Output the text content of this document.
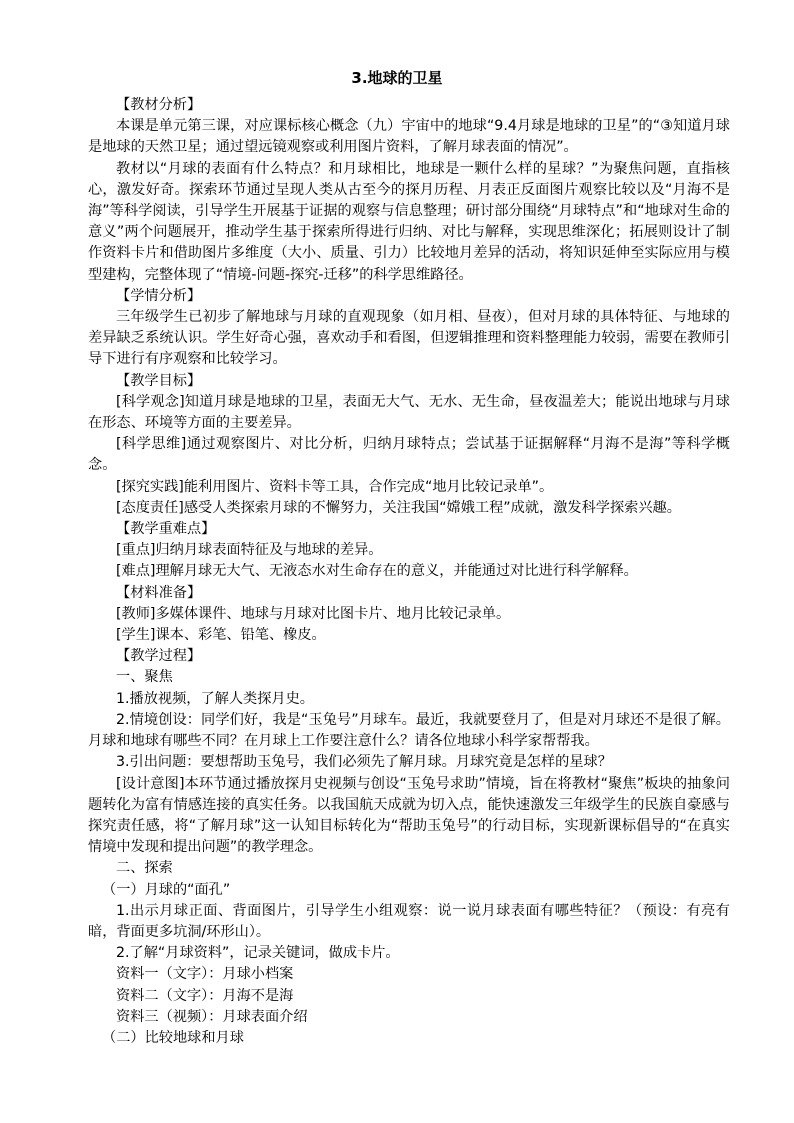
3.地球的卫星

【教材分析】

本课是单元第三课，对应课标核心概念（九）宇宙中的地球“9.4月球是地球的卫星”的“③知道月球是地球的天然卫星；通过望远镜观察或利用图片资料，了解月球表面的情况”。

教材以“月球的表面有什么特点？和月球相比，地球是一颗什么样的星球？”为聚焦问题，直指核心，激发好奇。探索环节通过呈现人类从古至今的探月历程、月表正反面图片观察比较以及“月海不是海”等科学阅读，引导学生开展基于证据的观察与信息整理；研讨部分围绕“月球特点”和“地球对生命的意义”两个问题展开，推动学生基于探索所得进行归纳、对比与解释，实现思维深化；拓展则设计了制作资料卡片和借助图片多维度（大小、质量、引力）比较地月差异的活动，将知识延伸至实际应用与模型建构，完整体现了“情境-问题-探究-迁移”的科学思维路径。

【学情分析】

三年级学生已初步了解地球与月球的直观现象（如月相、昼夜），但对月球的具体特征、与地球的差异缺乏系统认识。学生好奇心强，喜欢动手和看图，但逻辑推理和资料整理能力较弱，需要在教师引导下进行有序观察和比较学习。

【教学目标】

[科学观念]知道月球是地球的卫星，表面无大气、无水、无生命，昼夜温差大；能说出地球与月球在形态、环境等方面的主要差异。

[科学思维]通过观察图片、对比分析，归纳月球特点；尝试基于证据解释“月海不是海”等科学概念。

[探究实践]能利用图片、资料卡等工具，合作完成“地月比较记录单”。

[态度责任]感受人类探索月球的不懈努力，关注我国“嫦娥工程”成就，激发科学探索兴趣。

【教学重难点】

[重点]归纳月球表面特征及与地球的差异。

[难点]理解月球无大气、无液态水对生命存在的意义，并能通过对比进行科学解释。

【材料准备】

[教师]多媒体课件、地球与月球对比图卡片、地月比较记录单。

[学生]课本、彩笔、铅笔、橡皮。

【教学过程】

一、聚焦

1.播放视频，了解人类探月史。

2.情境创设：同学们好，我是“玉兔号”月球车。最近，我就要登月了，但是对月球还不是很了解。月球和地球有哪些不同？在月球上工作要注意什么？请各位地球小科学家帮帮我。

3.引出问题：要想帮助玉兔号，我们必须先了解月球。月球究竟是怎样的星球？

[设计意图]本环节通过播放探月史视频与创设“玉兔号求助”情境，旨在将教材“聚焦”板块的抽象问题转化为富有情感连接的真实任务。以我国航天成就为切入点，能快速激发三年级学生的民族自豪感与探究责任感，将“了解月球”这一认知目标转化为“帮助玉兔号”的行动目标，实现新课标倡导的“在真实情境中发现和提出问题”的教学理念。

二、探索

（一）月球的“面孔”

1.出示月球正面、背面图片，引导学生小组观察：说一说月球表面有哪些特征？（预设：有亮有暗，背面更多坑洞/环形山）。

2.了解“月球资料”，记录关键词，做成卡片。

资料一（文字）：月球小档案

资料二（文字）：月海不是海

资料三（视频）：月球表面介绍

（二）比较地球和月球
